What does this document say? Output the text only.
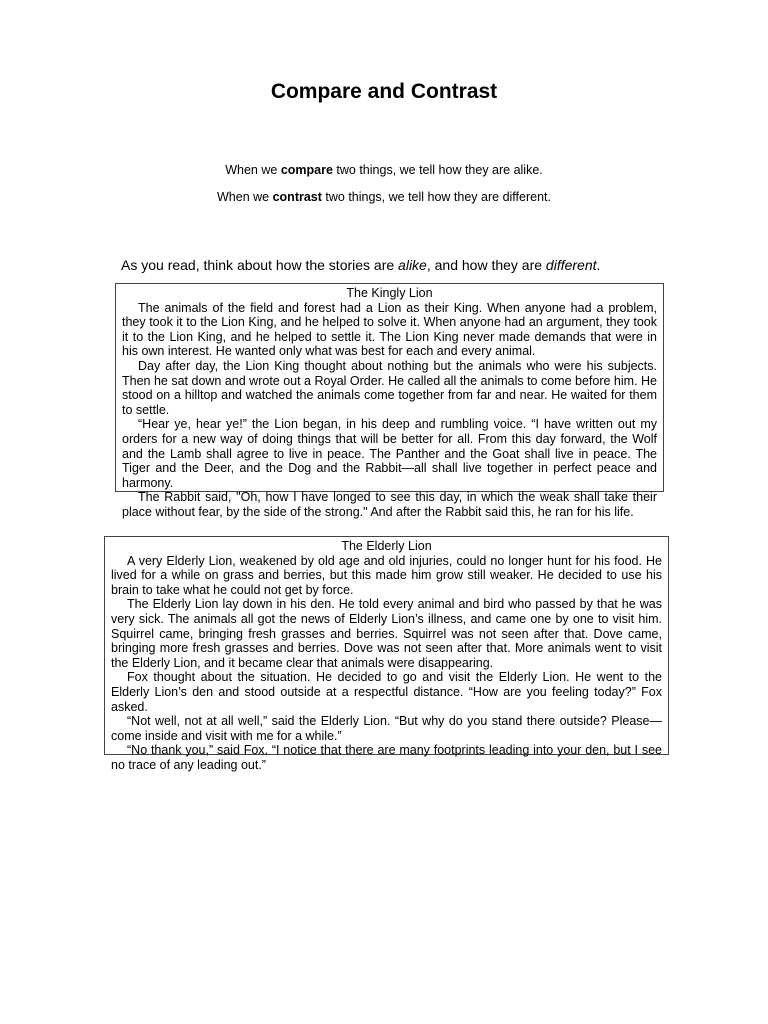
Compare and Contrast

When we compare two things, we tell how they are alike.

When we contrast two things, we tell how they are different.

As you read, think about how the stories are alike, and how they are different.

The Kingly Lion

The animals of the field and forest had a Lion as their King. When anyone had a problem, they took it to the Lion King, and he helped to solve it. When anyone had an argument, they took it to the Lion King, and he helped to settle it. The Lion King never made demands that were in his own interest. He wanted only what was best for each and every animal.

Day after day, the Lion King thought about nothing but the animals who were his subjects. Then he sat down and wrote out a Royal Order. He called all the animals to come before him. He stood on a hilltop and watched the animals come together from far and near. He waited for them to settle.

“Hear ye, hear ye!” the Lion began, in his deep and rumbling voice. “I have written out my orders for a new way of doing things that will be better for all. From this day forward, the Wolf and the Lamb shall agree to live in peace. The Panther and the Goat shall live in peace. The Tiger and the Deer, and the Dog and the Rabbit—all shall live together in perfect peace and harmony.

The Rabbit said, "Oh, how I have longed to see this day, in which the weak shall take their place without fear, by the side of the strong." And after the Rabbit said this, he ran for his life.

The Elderly Lion

A very Elderly Lion, weakened by old age and old injuries, could no longer hunt for his food. He lived for a while on grass and berries, but this made him grow still weaker. He decided to use his brain to take what he could not get by force.

The Elderly Lion lay down in his den. He told every animal and bird who passed by that he was very sick. The animals all got the news of Elderly Lion’s illness, and came one by one to visit him. Squirrel came, bringing fresh grasses and berries. Squirrel was not seen after that. Dove came, bringing more fresh grasses and berries. Dove was not seen after that. More animals went to visit the Elderly Lion, and it became clear that animals were disappearing.

Fox thought about the situation. He decided to go and visit the Elderly Lion. He went to the Elderly Lion’s den and stood outside at a respectful distance. “How are you feeling today?” Fox asked.

“Not well, not at all well,” said the Elderly Lion. “But why do you stand there outside? Please—come inside and visit with me for a while.”

“No thank you,” said Fox. “I notice that there are many footprints leading into your den, but I see no trace of any leading out.”
